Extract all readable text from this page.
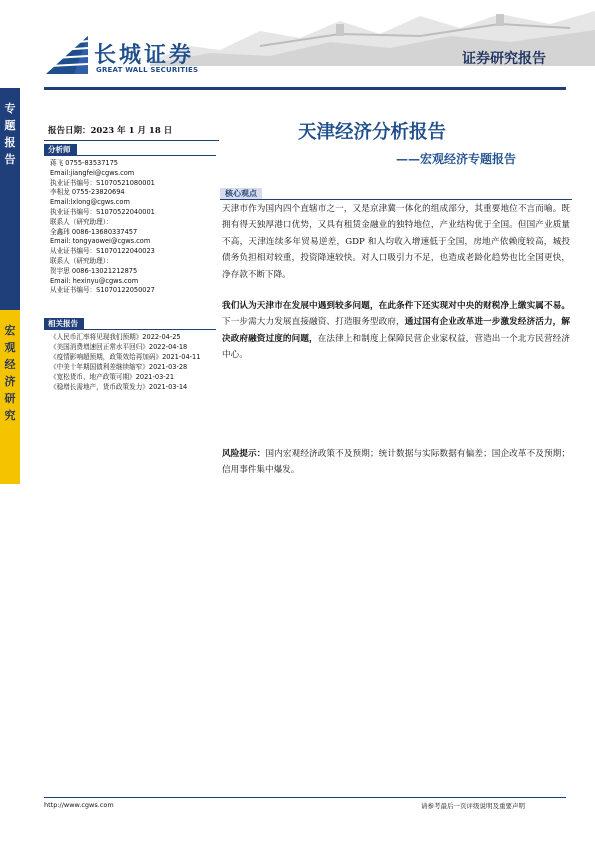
长城证券
GREAT WALL SECURITIES
证券研究报告
专题报告
宏观经济研究
报告日期：2023 年 1 月 18 日	天津经济分析报告
——宏观经济专题报告
分析师
蒋飞 0755-83537175
Email:jiangfei@cgws.com
执业证书编号：S1070521080001
李相龙 0755-23820694
Email:lxlong@cgws.com
执业证书编号：S1070522040001
联系人（研究助理）：
全鑫玮 0086-13680337457
Email: tongyaowei@cgws.com
从业证书编号：S1070122040023
联系人（研究助理）：
贺宇思 0086-13021212875
Email: hexinyu@cgws.com
从业证书编号：S1070122050027
相关报告
《人民币汇率将见现我们预期》2022-04-25
《美国消费增速回正常水平回归》2022-04-18
《疫情影响超预期，政策效给再加码》2021-04-11
《中美十年期国债利差继续缩窄》2021-03-28
《宽松货币、地产政策可期》2021-03-21
《稳增长需地产，货币政策发力》2021-03-14
核心观点
天津市作为国内四个直辖市之一，又是京津冀一体化的组成部分，其重要地位不言而喻。既拥有得天独厚港口优势，又具有租赁金融业的独特地位，产业结构优于全国。但国产业质量不高，天津连续多年贸易逆差，GDP 和人均收入增速低于全国，房地产依赖度较高，城投债务负担相对较重，投资降速较快。对人口吸引力不足，也造成老龄化趋势也比全国更快，净存款不断下降。
我们认为天津市在发展中遇到较多问题，在此条件下还实现对中央的财税净上缴实属不易。下一步需大力发展直接融资、打造服务型政府，通过国有企业改革进一步激发经济活力，解决政府融资过度的问题，在法律上和制度上保障民营企业家权益，营造出一个北方民营经济中心。
风险提示：国内宏观经济政策不及预期；统计数据与实际数据有偏差；国企改革不及预期；信用事件集中爆发。
http://www.cgws.com	请参考最后一页评级说明及重要声明
